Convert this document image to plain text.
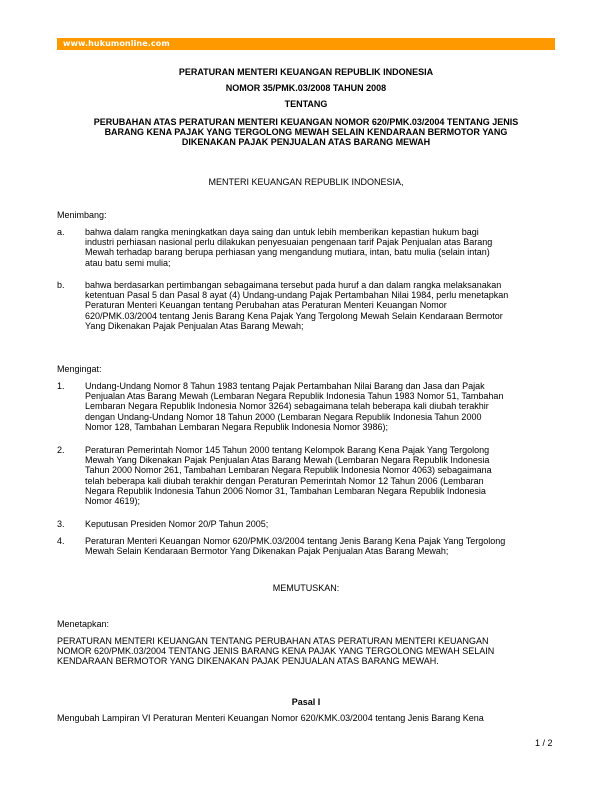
www.hukumonline.com
PERATURAN MENTERI KEUANGAN REPUBLIK INDONESIA
NOMOR 35/PMK.03/2008 TAHUN 2008
TENTANG
PERUBAHAN ATAS PERATURAN MENTERI KEUANGAN NOMOR 620/PMK.03/2004 TENTANG JENIS
BARANG KENA PAJAK YANG TERGOLONG MEWAH SELAIN KENDARAAN BERMOTOR YANG
DIKENAKAN PAJAK PENJUALAN ATAS BARANG MEWAH
MENTERI KEUANGAN REPUBLIK INDONESIA,
Menimbang:
a. bahwa dalam rangka meningkatkan daya saing dan untuk lebih memberikan kepastian hukum bagi
industri perhiasan nasional perlu dilakukan penyesuaian pengenaan tarif Pajak Penjualan atas Barang
Mewah terhadap barang berupa perhiasan yang mengandung mutiara, intan, batu mulia (selain intan)
atau batu semi mulia;
b. bahwa berdasarkan pertimbangan sebagaimana tersebut pada huruf a dan dalam rangka melaksanakan
ketentuan Pasal 5 dan Pasal 8 ayat (4) Undang-undang Pajak Pertambahan Nilai 1984, perlu menetapkan
Peraturan Menteri Keuangan tentang Perubahan atas Peraturan Menteri Keuangan Nomor
620/PMK.03/2004 tentang Jenis Barang Kena Pajak Yang Tergolong Mewah Selain Kendaraan Bermotor
Yang Dikenakan Pajak Penjualan Atas Barang Mewah;
Mengingat:
1. Undang-Undang Nomor 8 Tahun 1983 tentang Pajak Pertambahan Nilai Barang dan Jasa dan Pajak
Penjualan Atas Barang Mewah (Lembaran Negara Republik Indonesia Tahun 1983 Nomor 51, Tambahan
Lembaran Negara Republik Indonesia Nomor 3264) sebagaimana telah beberapa kali diubah terakhir
dengan Undang-Undang Nomor 18 Tahun 2000 (Lembaran Negara Republik Indonesia Tahun 2000
Nomor 128, Tambahan Lembaran Negara Republik Indonesia Nomor 3986);
2. Peraturan Pemerintah Nomor 145 Tahun 2000 tentang Kelompok Barang Kena Pajak Yang Tergolong
Mewah Yang Dikenakan Pajak Penjualan Atas Barang Mewah (Lembaran Negara Republik Indonesia
Tahun 2000 Nomor 261, Tambahan Lembaran Negara Republik Indonesia Nomor 4063) sebagaimana
telah beberapa kali diubah terakhir dengan Peraturan Pemerintah Nomor 12 Tahun 2006 (Lembaran
Negara Republik Indonesia Tahun 2006 Nomor 31, Tambahan Lembaran Negara Republik Indonesia
Nomor 4619);
3. Keputusan Presiden Nomor 20/P Tahun 2005;
4. Peraturan Menteri Keuangan Nomor 620/PMK.03/2004 tentang Jenis Barang Kena Pajak Yang Tergolong
Mewah Selain Kendaraan Bermotor Yang Dikenakan Pajak Penjualan Atas Barang Mewah;
MEMUTUSKAN:
Menetapkan:
PERATURAN MENTERI KEUANGAN TENTANG PERUBAHAN ATAS PERATURAN MENTERI KEUANGAN
NOMOR 620/PMK.03/2004 TENTANG JENIS BARANG KENA PAJAK YANG TERGOLONG MEWAH SELAIN
KENDARAAN BERMOTOR YANG DIKENAKAN PAJAK PENJUALAN ATAS BARANG MEWAH.
Pasal I
Mengubah Lampiran VI Peraturan Menteri Keuangan Nomor 620/KMK.03/2004 tentang Jenis Barang Kena
1 / 2
